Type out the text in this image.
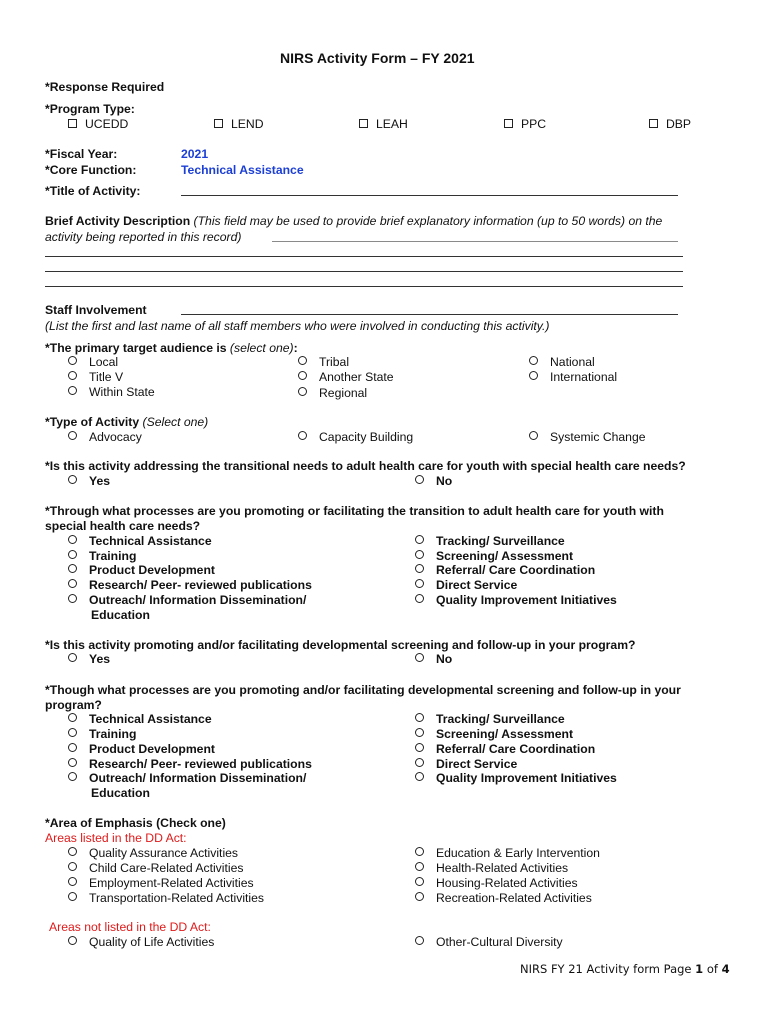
NIRS Activity Form – FY 2021
*Response Required
*Program Type:
UCEDD	LEND	LEAH	PPC	DBP
*Fiscal Year:	2021
*Core Function:	Technical Assistance
*Title of Activity:
Brief Activity Description (This field may be used to provide brief explanatory information (up to 50 words) on the
activity being reported in this record)
Staff Involvement
(List the first and last name of all staff members who were involved in conducting this activity.)
*The primary target audience is (select one):
Local
Title V
Within State
Tribal
Another State
Regional
National
International
*Type of Activity (Select one)
Advocacy	Capacity Building	Systemic Change
*Is this activity addressing the transitional needs to adult health care for youth with special health care needs?
Yes	No
*Through what processes are you promoting or facilitating the transition to adult health care for youth with
special health care needs?
Technical Assistance
Training
Product Development
Research/ Peer- reviewed publications
Outreach/ Information Dissemination/
Education
Tracking/ Surveillance
Screening/ Assessment
Referral/ Care Coordination
Direct Service
Quality Improvement Initiatives
*Is this activity promoting and/or facilitating developmental screening and follow-up in your program?
Yes	No
*Though what processes are you promoting and/or facilitating developmental screening and follow-up in your
program?
Technical Assistance
Training
Product Development
Research/ Peer- reviewed publications
Outreach/ Information Dissemination/
Education
Tracking/ Surveillance
Screening/ Assessment
Referral/ Care Coordination
Direct Service
Quality Improvement Initiatives
*Area of Emphasis (Check one)
Areas listed in the DD Act:
Quality Assurance Activities
Child Care-Related Activities
Employment-Related Activities
Transportation-Related Activities
Education & Early Intervention
Health-Related Activities
Housing-Related Activities
Recreation-Related Activities
Areas not listed in the DD Act:
Quality of Life Activities	Other-Cultural Diversity
NIRS FY 21 Activity form Page 1 of 4
